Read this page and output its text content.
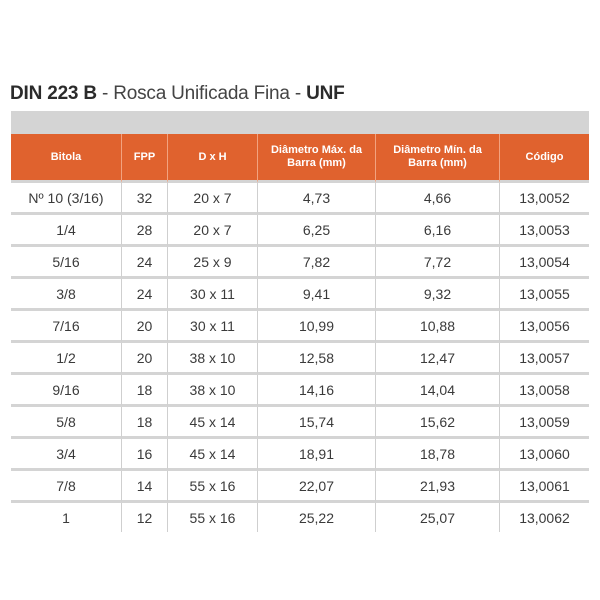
DIN 223 B - Rosca Unificada Fina - UNF
Bitola	FPP	D x H	Diâmetro Máx. da Barra (mm)	Diâmetro Mín. da Barra (mm)	Código
Nº 10 (3/16)	32	20 x 7	4,73	4,66	13,0052
1/4	28	20 x 7	6,25	6,16	13,0053
5/16	24	25 x 9	7,82	7,72	13,0054
3/8	24	30 x 11	9,41	9,32	13,0055
7/16	20	30 x 11	10,99	10,88	13,0056
1/2	20	38 x 10	12,58	12,47	13,0057
9/16	18	38 x 10	14,16	14,04	13,0058
5/8	18	45 x 14	15,74	15,62	13,0059
3/4	16	45 x 14	18,91	18,78	13,0060
7/8	14	55 x 16	22,07	21,93	13,0061
1	12	55 x 16	25,22	25,07	13,0062
